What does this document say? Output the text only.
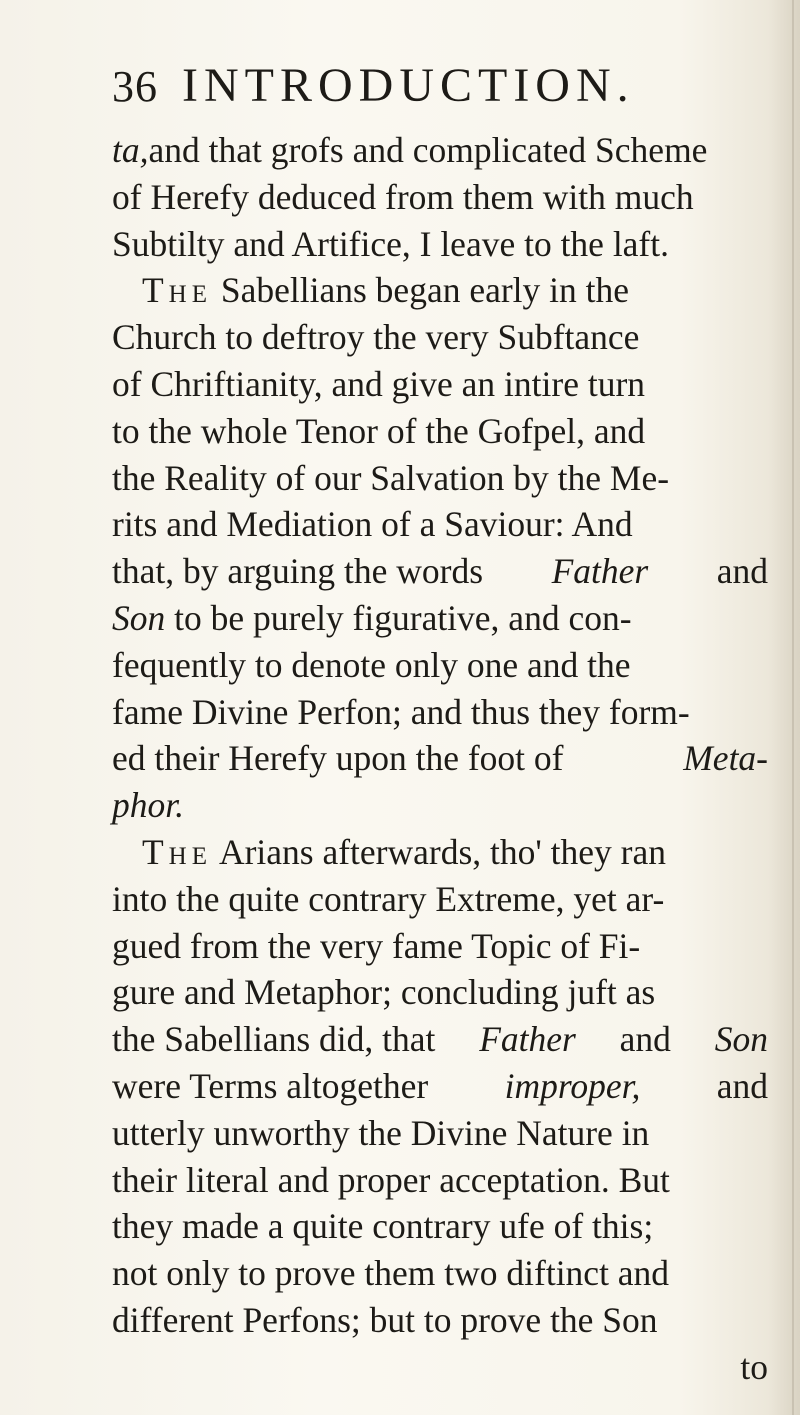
36 INTRODUCTION.
ta,and that grofs and complicated Scheme
of Herefy deduced from them with much
Subtilty and Artifice, I leave to the laft.
The Sabellians began early in the
Church to deftroy the very Subftance
of Chriftianity, and give an intire turn
to the whole Tenor of the Gofpel, and
the Reality of our Salvation by the Me-
rits and Mediation of a Saviour: And
that, by arguing the words Father and
Son to be purely figurative, and con-
fequently to denote only one and the
fame Divine Perfon; and thus they form-
ed their Herefy upon the foot of	Meta-
phor.
The Arians afterwards, tho' they ran
into the quite contrary Extreme, yet ar-
gued from the very fame Topic of Fi-
gure and Metaphor; concluding juft as
the Sabellians did, that Father and Son
were Terms altogether improper, and
utterly unworthy the Divine Nature in
their literal and proper acceptation. But
they made a quite contrary ufe of this;
not only to prove them two diftinct and
different Perfons; but to prove the Son
to
